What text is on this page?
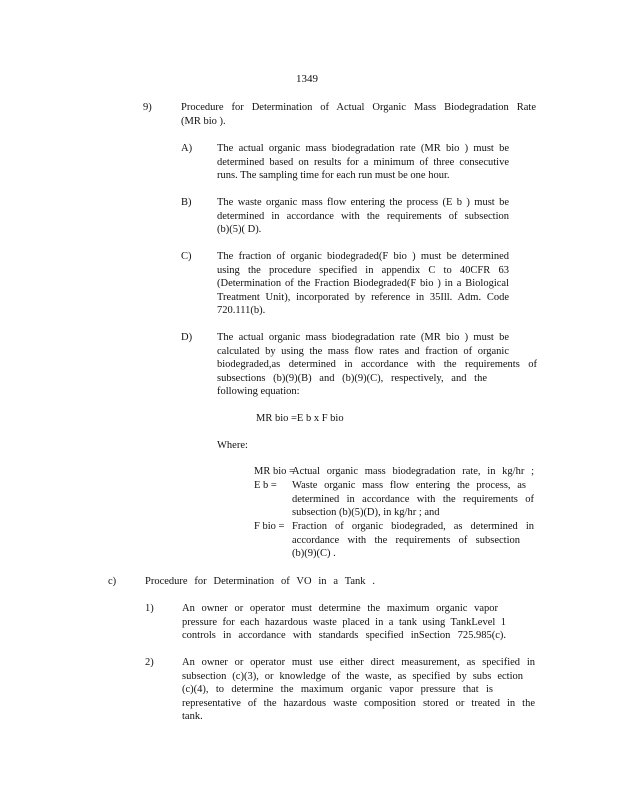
1349
9)	Procedure for Determination of Actual Organic Mass Biodegradation Rate
(MR bio ).
A) The actual organic mass biodegradation rate (MR bio ) must be
determined based on results for a minimum of three consecutive
runs. The sampling time for each run must be one hour.
B) The waste organic mass flow entering the process (E b ) must be
determined in accordance with the requirements of subsection
(b)(5)( D).
C) The fraction of organic biodegraded(F bio ) must be determined
using the procedure specified in appendix C to 40CFR 63
(Determination of the Fraction Biodegraded(F bio ) in a Biological
Treatment Unit), incorporated by reference in 35Ill. Adm. Code
720.111(b).
D) The actual organic mass biodegradation rate (MR bio ) must be
calculated by using the mass flow rates and fraction of organic
biodegraded,as determined in accordance with the requirements of
subsections (b)(9)(B) and (b)(9)(C), respectively, and the
following equation:
MR bio =E b x F bio
Where:
MR bio =
Actual organic mass biodegradation rate, in kg/hr ;
E b = Waste organic mass flow entering the process, as
determined in accordance with the requirements of
subsection (b)(5)(D), in kg/hr ; and
F bio = Fraction of organic biodegraded, as determined in
accordance with the requirements of subsection
(b)(9)(C) .
c)	Procedure for Determination of VO in a Tank .
1)	An owner or operator must determine the maximum organic vapor
pressure for each hazardous waste placed in a tank using TankLevel 1
controls in accordance with standards specified inSection 725.985(c).
2)	An owner or operator must use either direct measurement, as specified in
subsection (c)(3), or knowledge of the waste, as specified by subs ection
(c)(4), to determine the maximum organic vapor pressure that is
representative of the hazardous waste composition stored or treated in the
tank.
